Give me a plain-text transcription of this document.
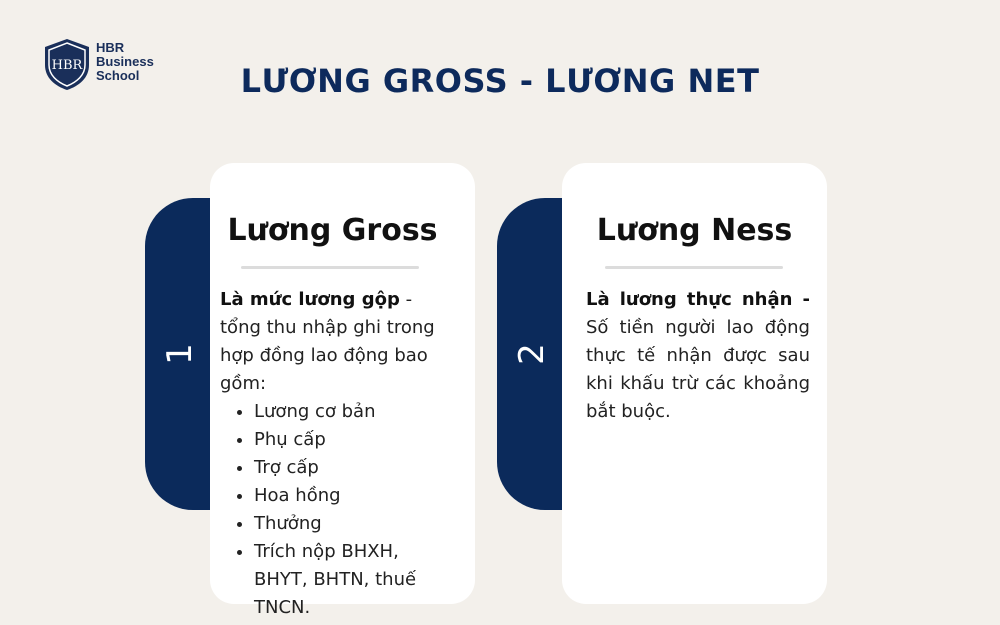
HBR
HBR
Business
School	LƯƠNG GROSS - LƯƠNG NET
1
Lương Gross
Là mức lương gộp - tổng thu nhập ghi trong hợp đồng lao động bao gồm:
• Lương cơ bản
• Phụ cấp
• Trợ cấp
• Hoa hồng
• Thưởng
• Trích nộp BHXH, BHYT, BHTN, thuế TNCN.
2
Lương Ness
Là lương thực nhận - Số tiền người lao động thực tế nhận được sau khi khấu trừ các khoảng bắt buộc.
